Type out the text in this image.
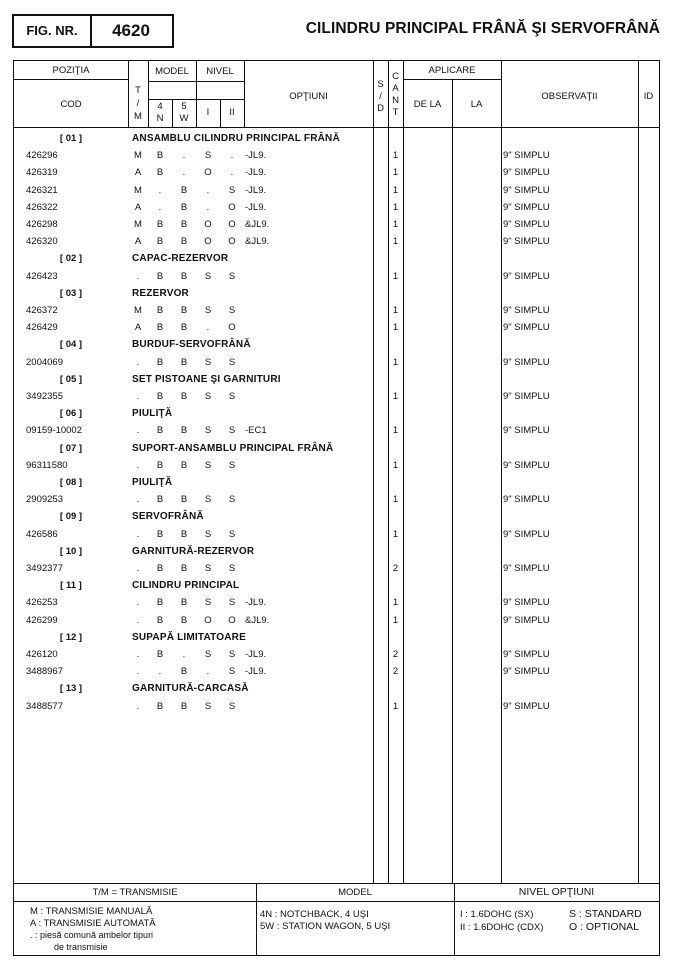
FIG. NR.	4620	CILINDRU PRINCIPAL FRÂNĂ ŞI SERVOFRÂNĂ
POZIŢIA
COD
T
/
M
MODEL
4
N
5
W
NIVEL
I	II
OPŢIUNI
S
/
D
C
A
N
T
APLICARE
DE LA	LA
OBSERVAŢII	ID
[ 01 ]	ANSAMBLU CILINDRU PRINCIPAL FRÂNĂ
426296	M	B	.	S	.	-JL9.	1	9" SIMPLU
426319	A	B	.	O	.	-JL9.	1	9" SIMPLU
426321	M	.	B	.	S	-JL9.	1	9" SIMPLU
426322	A	.	B	.	O -JL9.	1	9" SIMPLU
426298	M	B	B	O	O &JL9.	1	9" SIMPLU
426320	A	B	B	O	O &JL9.	1	9" SIMPLU
[ 02 ]	CAPAC-REZERVOR
426423	.	B	B	S	S	1	9" SIMPLU
[ 03 ]	REZERVOR
426372	M	B	B	S	S	1	9" SIMPLU
426429	A	B	B	.	O	1	9" SIMPLU
[ 04 ]	BURDUF-SERVOFRÂNĂ
2004069	.	B	B	S	S	1	9" SIMPLU
[ 05 ]	SET PISTOANE ŞI GARNITURI
3492355	.	B	B	S	S	1	9" SIMPLU
[ 06 ]	PIULIŢĂ
09159-10002	.	B	B	S	S	-EC1	1	9" SIMPLU
[ 07 ]	SUPORT-ANSAMBLU PRINCIPAL FRÂNĂ
96311580	.	B	B	S	S	1	9" SIMPLU
[ 08 ]	PIULIŢĂ
2909253	.	B	B	S	S	1	9" SIMPLU
[ 09 ]	SERVOFRÂNĂ
426586	.	B	B	S	S	1	9" SIMPLU
[ 10 ]	GARNITURĂ-REZERVOR
3492377	.	B	B	S	S	2	9" SIMPLU
[ 11 ]	CILINDRU PRINCIPAL
426253	.	B	B	S	S	-JL9.	1	9" SIMPLU
426299	.	B	B	O	O &JL9.	1	9" SIMPLU
[ 12 ]	SUPAPĂ LIMITATOARE
426120	.	B	.	S	S	-JL9.	2	9" SIMPLU
3488967	.	.	B	.	S	-JL9.	2	9" SIMPLU
[ 13 ]	GARNITURĂ-CARCASĂ
3488577	.	B	B	S	S	1	9" SIMPLU
T/M = TRANSMISIE	MODEL	NIVEL OPŢIUNI
M : TRANSMISIE MANUALĂ
A : TRANSMISIE AUTOMATĂ
. : piesă comună ambelor tipuri
de transmisie
4N : NOTCHBACK, 4 UŞI
5W : STATION WAGON, 5 UŞI
I : 1.6DOHC (SX)
II : 1.6DOHC (CDX)
S : STANDARD
O : OPTIONAL
